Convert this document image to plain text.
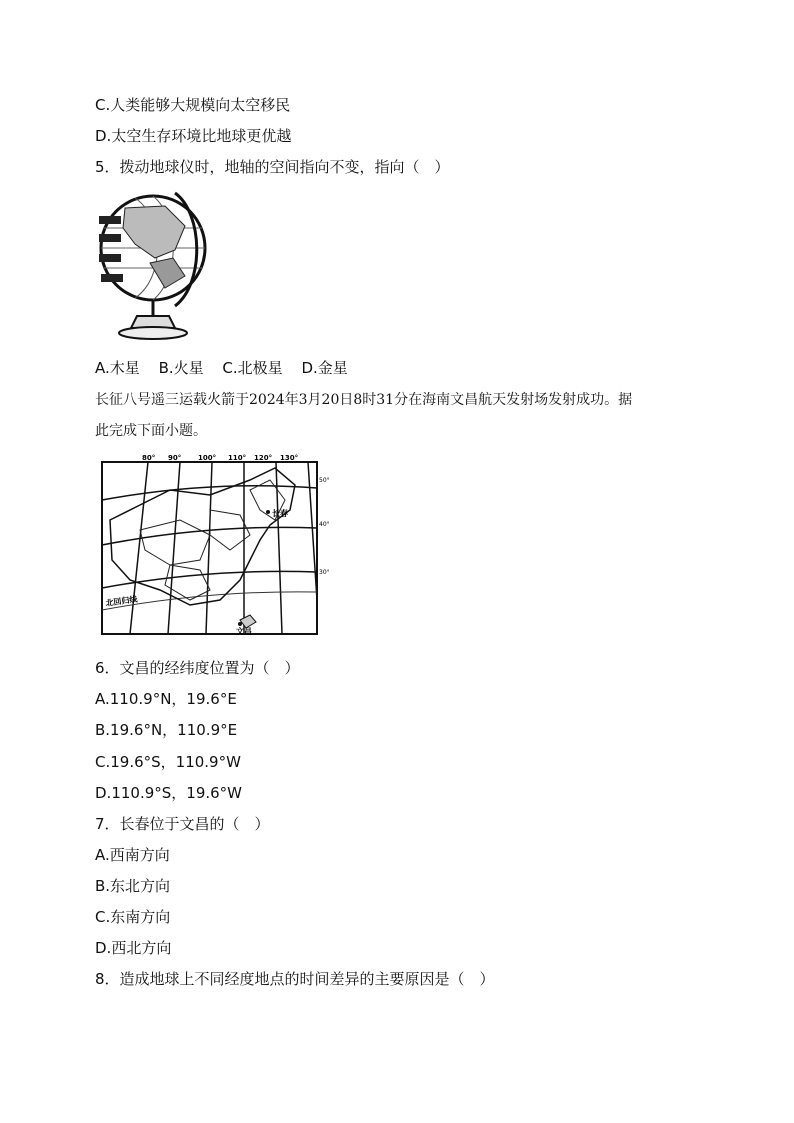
C.人类能够大规模向太空移民
D.太空生存环境比地球更优越
5．拨动地球仪时，地轴的空间指向不变，指向（　）
A.木星 B.火星 C.北极星 D.金星
长征八号遥三运载火箭于2024年3月20日8时31分在海南文昌航天发射场发射成功。据
此完成下面小题。
80° 90° 100° 110° 120° 130°
50°
40°
30°
长春
文昌
北回归线
6．文昌的经纬度位置为（　）
A.110.9°N，19.6°E
B.19.6°N，110.9°E
C.19.6°S，110.9°W
D.110.9°S，19.6°W
7．长春位于文昌的（　）
A.西南方向
B.东北方向
C.东南方向
D.西北方向
8．造成地球上不同经度地点的时间差异的主要原因是（　）
